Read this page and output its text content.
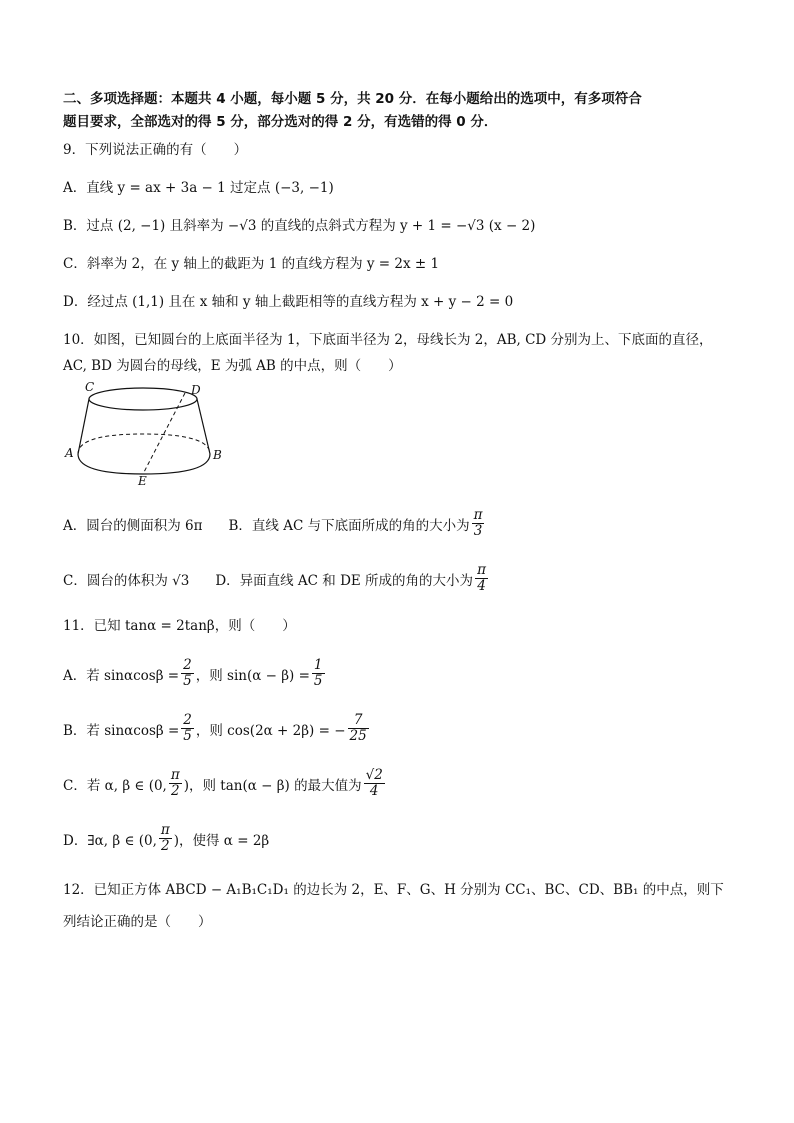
二、多项选择题：本题共 4 小题，每小题 5 分，共 20 分．在每小题给出的选项中，有多项符合
题目要求，全部选对的得 5 分，部分选对的得 2 分，有选错的得 0 分．
9．下列说法正确的有（　　）
A．直线 y = ax + 3a − 1 过定点 (−3, −1)
B．过点 (2, −1) 且斜率为 −√3 的直线的点斜式方程为 y + 1 = −√3 (x − 2)
C．斜率为 2，在 y 轴上的截距为 1 的直线方程为 y = 2x ± 1
D．经过点 (1,1) 且在 x 轴和 y 轴上截距相等的直线方程为 x + y − 2 = 0
10．如图，已知圆台的上底面半径为 1，下底面半径为 2，母线长为 2，AB, CD 分别为上、下底面的直径，
AC, BD 为圆台的母线，E 为弧 AB 的中点，则（　　）
C	D
A	B
E
A．圆台的侧面积为 6π B．直线 AC 与下底面所成的角的大小为 $\frac{\pi}{3}$
C．圆台的体积为 √3 D．异面直线 AC 和 DE 所成的角的大小为 $\frac{\pi}{4}$
11．已知 tanα = 2tanβ，则（　　）
A．若 $\sin\alpha\cos\beta = \frac{2}{5}$ ，则 $\sin(\alpha - \beta) = \frac{1}{5}$
B．若 $\sin\alpha\cos\beta = \frac{2}{5}$ ，则 cos(2α + 2β) = − $\frac{7}{25}$
C．若 α, β ∈ (0, $\frac{\pi}{2}$ )，则 tan(α − β) 的最大值为 $\frac{√2}{4}$
D．∃α, β ∈ (0, $\frac{\pi}{2}$ )，使得 α = 2β
12．已知正方体 ABCD − A₁B₁C₁D₁ 的边长为 2，E、F、G、H 分别为 CC₁、BC、CD、BB₁ 的中点，则下
列结论正确的是（　　）
